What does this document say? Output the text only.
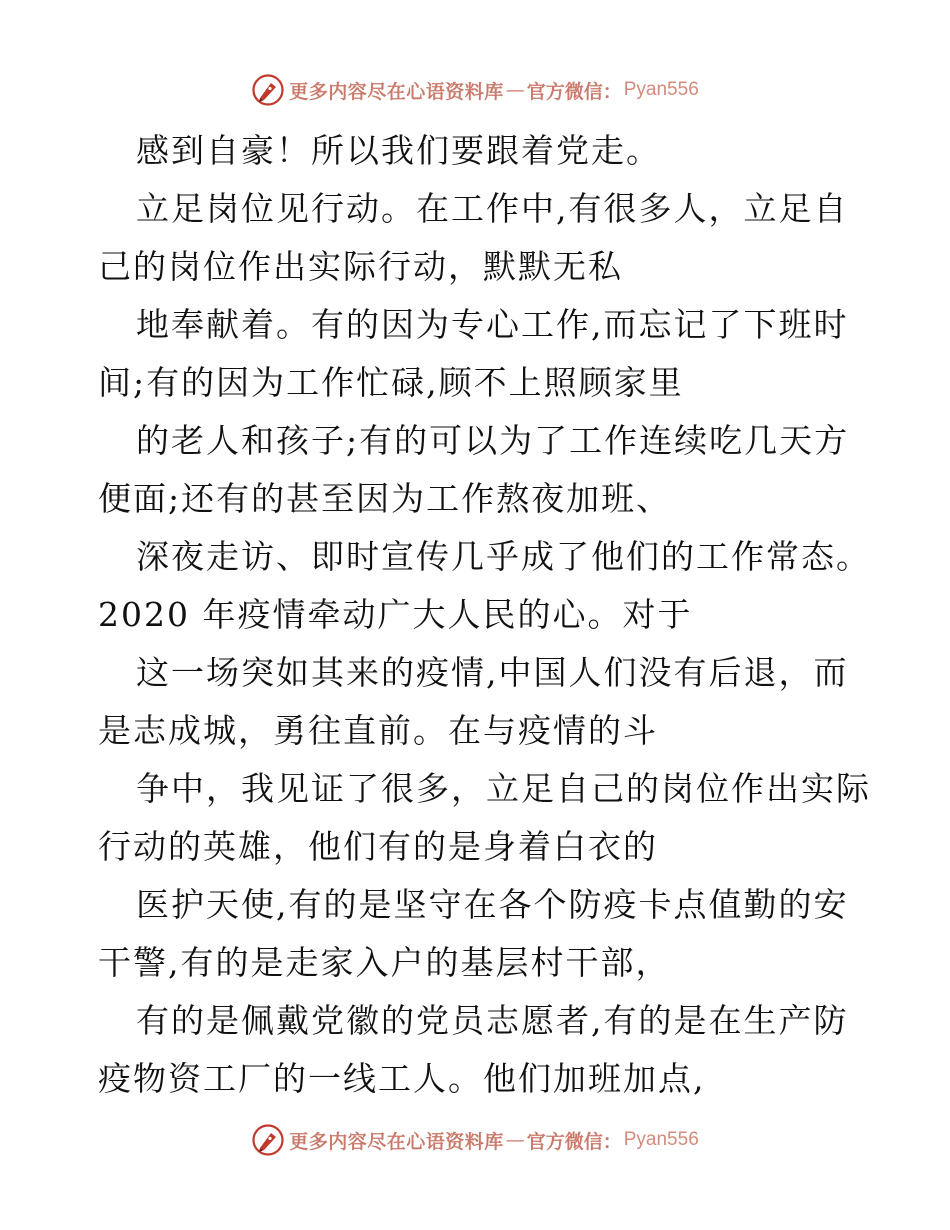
更多内容尽在心语资料库 — 官方微信： Pyan556
感到自豪！所以我们要跟着党走。
立足岗位见行动。在工作中,有很多人，立足自
己的岗位作出实际行动，默默无私
地奉献着。有的因为专心工作,而忘记了下班时
间;有的因为工作忙碌,顾不上照顾家里
的老人和孩子;有的可以为了工作连续吃几天方
便面;还有的甚至因为工作熬夜加班、
深夜走访、即时宣传几乎成了他们的工作常态。
2020 年疫情牵动广大人民的心。对于
这一场突如其来的疫情,中国人们没有后退，而
是志成城，勇往直前。在与疫情的斗
争中，我见证了很多，立足自己的岗位作出实际
行动的英雄，他们有的是身着白衣的
医护天使,有的是坚守在各个防疫卡点值勤的安
干警,有的是走家入户的基层村干部，
有的是佩戴党徽的党员志愿者,有的是在生产防
疫物资工厂的一线工人。他们加班加点,
更多内容尽在心语资料库 — 官方微信： Pyan556
